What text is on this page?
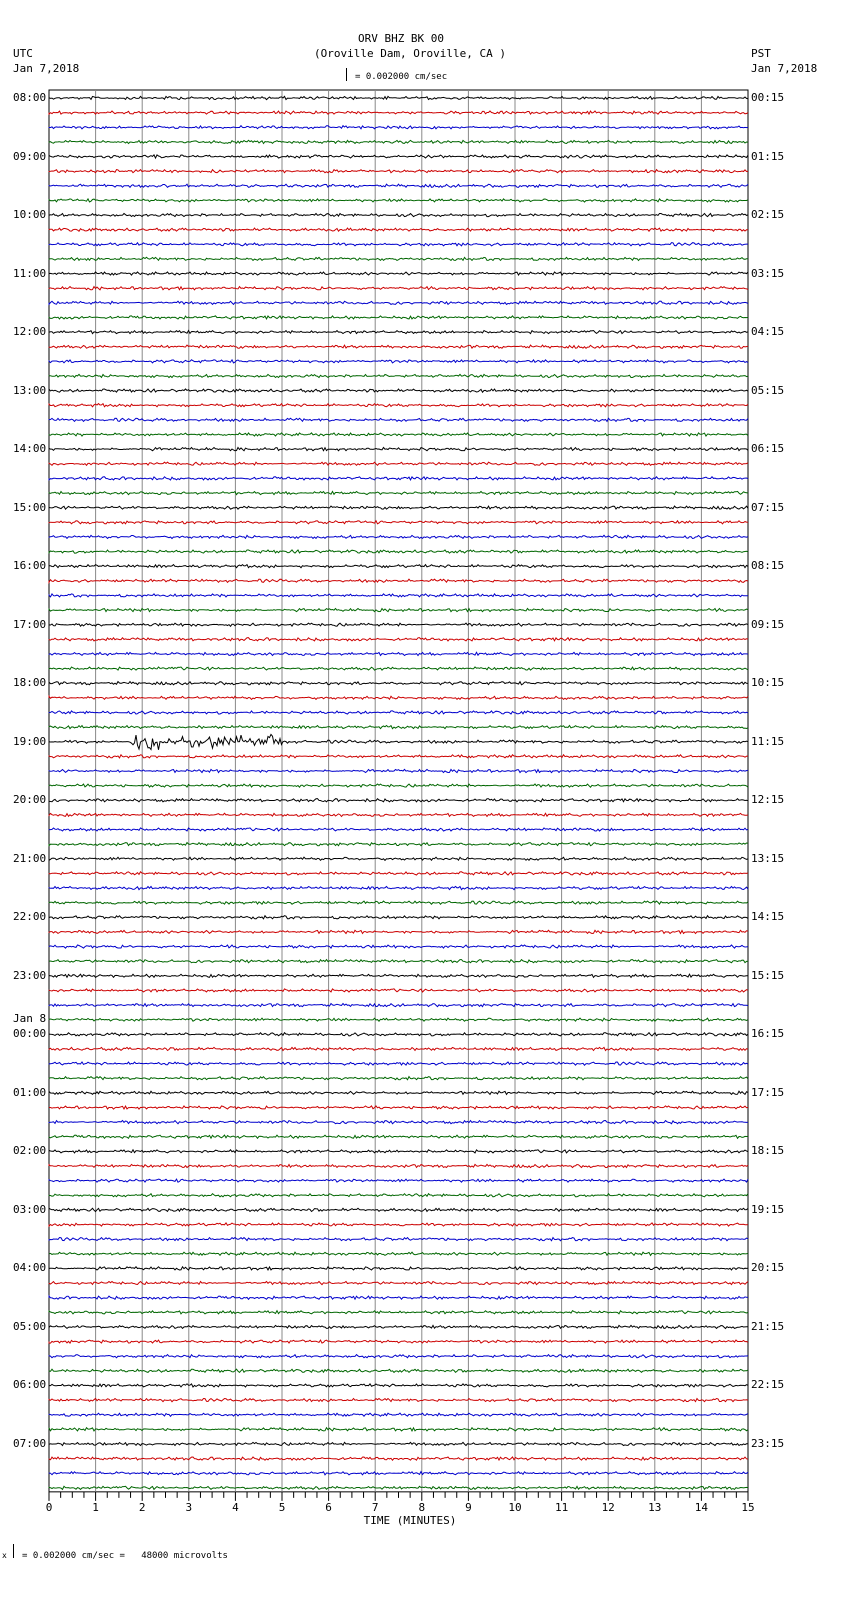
ORV BHZ BK 00
(Oroville Dam, Oroville, CA )
UTC
Jan 7,2018
PST
Jan 7,2018
= 0.002000 cm/sec
TIME (MINUTES)
x = 0.002000 cm/sec =   48000 microvolts
0	1	2	3	4	5	6	7	8	9	10	11	12	13	14	15
08:00
09:00
10:00
11:00
12:00
13:00
14:00
15:00
16:00
17:00
18:00
19:00
20:00
21:00
22:00
23:00
00:00
Jan 8
01:00
02:00
03:00
04:00
05:00
06:00
07:00
00:15
01:15
02:15
03:15
04:15
05:15
06:15
07:15
08:15
09:15
10:15
11:15
12:15
13:15
14:15
15:15
16:15
17:15
18:15
19:15
20:15
21:15
22:15
23:15
